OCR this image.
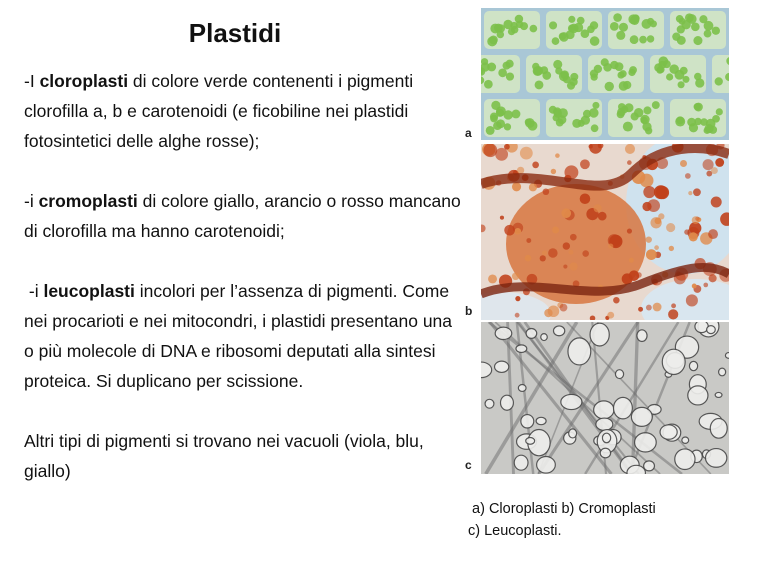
Plastidi

-I cloroplasti di colore verde contenenti i pigmenti clorofilla a, b e carotenoidi (e ficobiline nei plastidi fotosintetici delle alghe rosse);

-i cromoplasti di colore giallo, arancio o rosso mancano di clorofilla ma hanno carotenoidi;

-i leucoplasti incolori per l’assenza di pigmenti. Come nei procarioti e nei mitocondri, i plastidi presentano una o più molecole di DNA e ribosomi deputati alla sintesi proteica. Si duplicano per scissione.

Altri tipi di pigmenti si trovano nei vacuoli (viola, blu, giallo)

a
b
c
a) Cloroplasti b) Cromoplasti
c) Leucoplasti.
